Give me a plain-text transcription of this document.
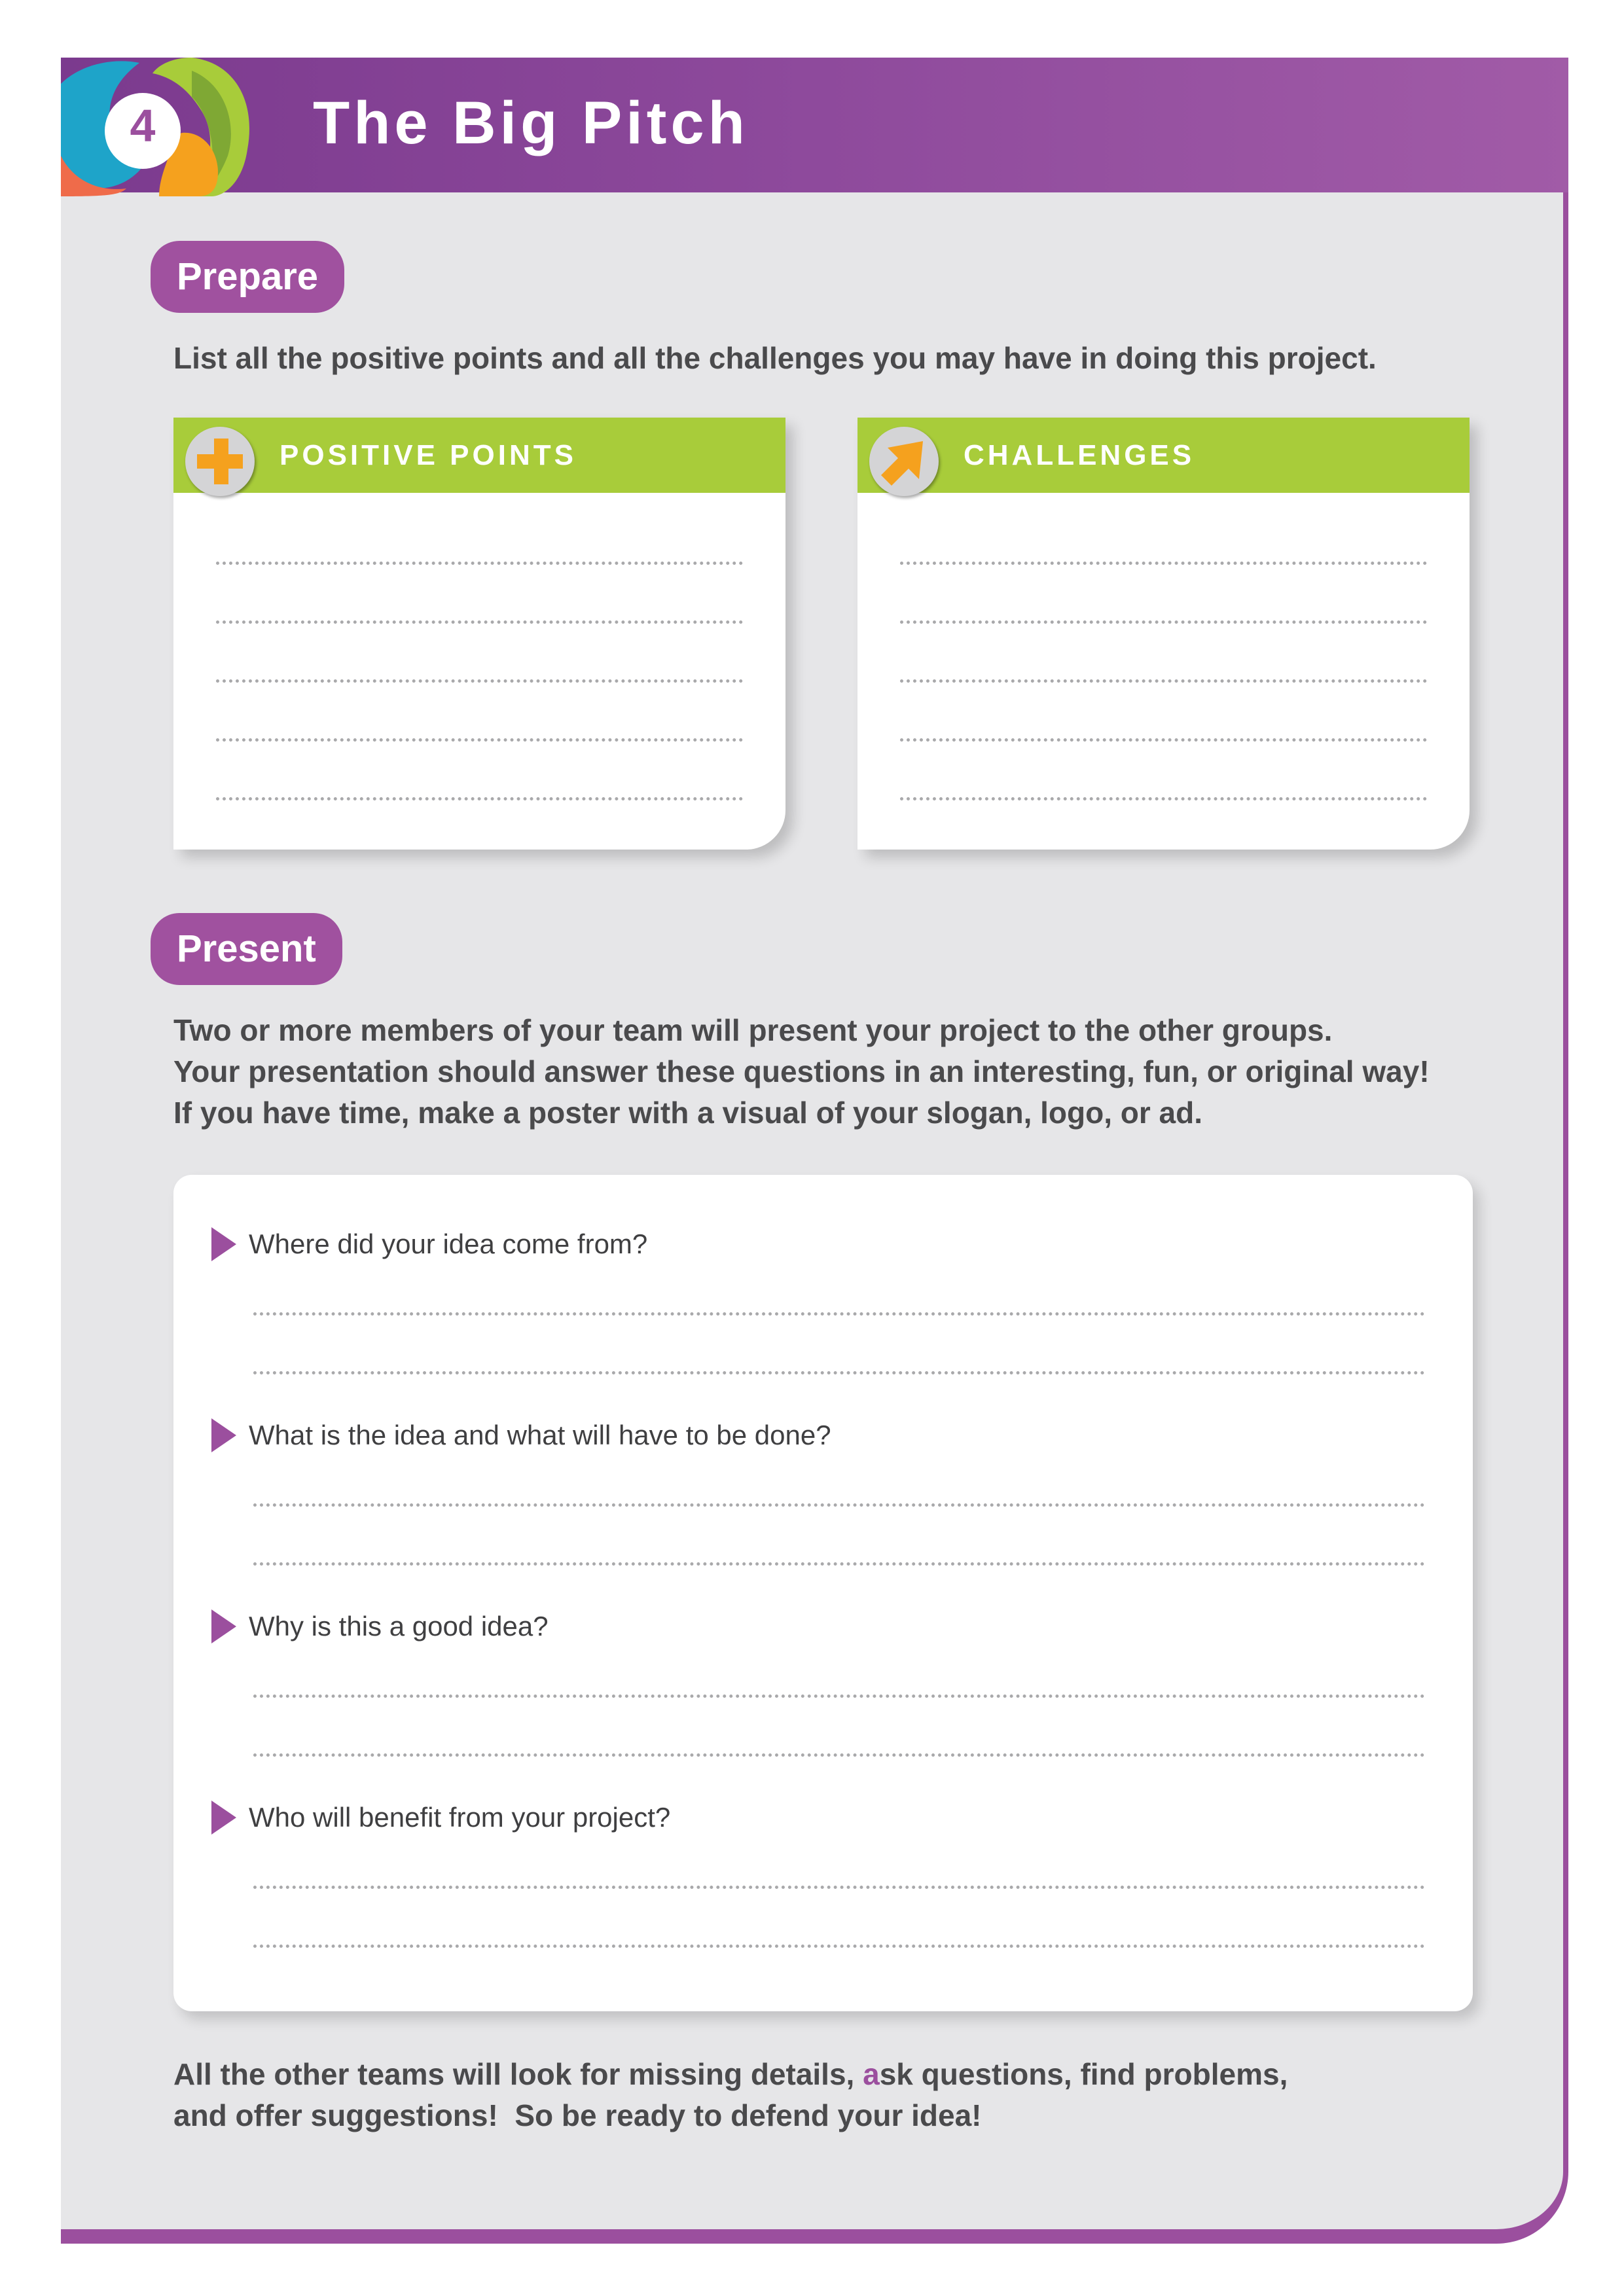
4	The Big Pitch
Prepare

List all the positive points and all the challenges you may have in doing this project.

POSITIVE POINTS	CHALLENGES
Present

Two or more members of your team will present your project to the other groups.

Your presentation should answer these questions in an interesting, fun, or original way!

If you have time, make a poster with a visual of your slogan, logo, or ad.

Where did your idea come from?
What is the idea and what will have to be done?
Why is this a good idea?
Who will benefit from your project?

All the other teams will look for missing details, ask questions, find problems,

and offer suggestions!  So be ready to defend your idea!
